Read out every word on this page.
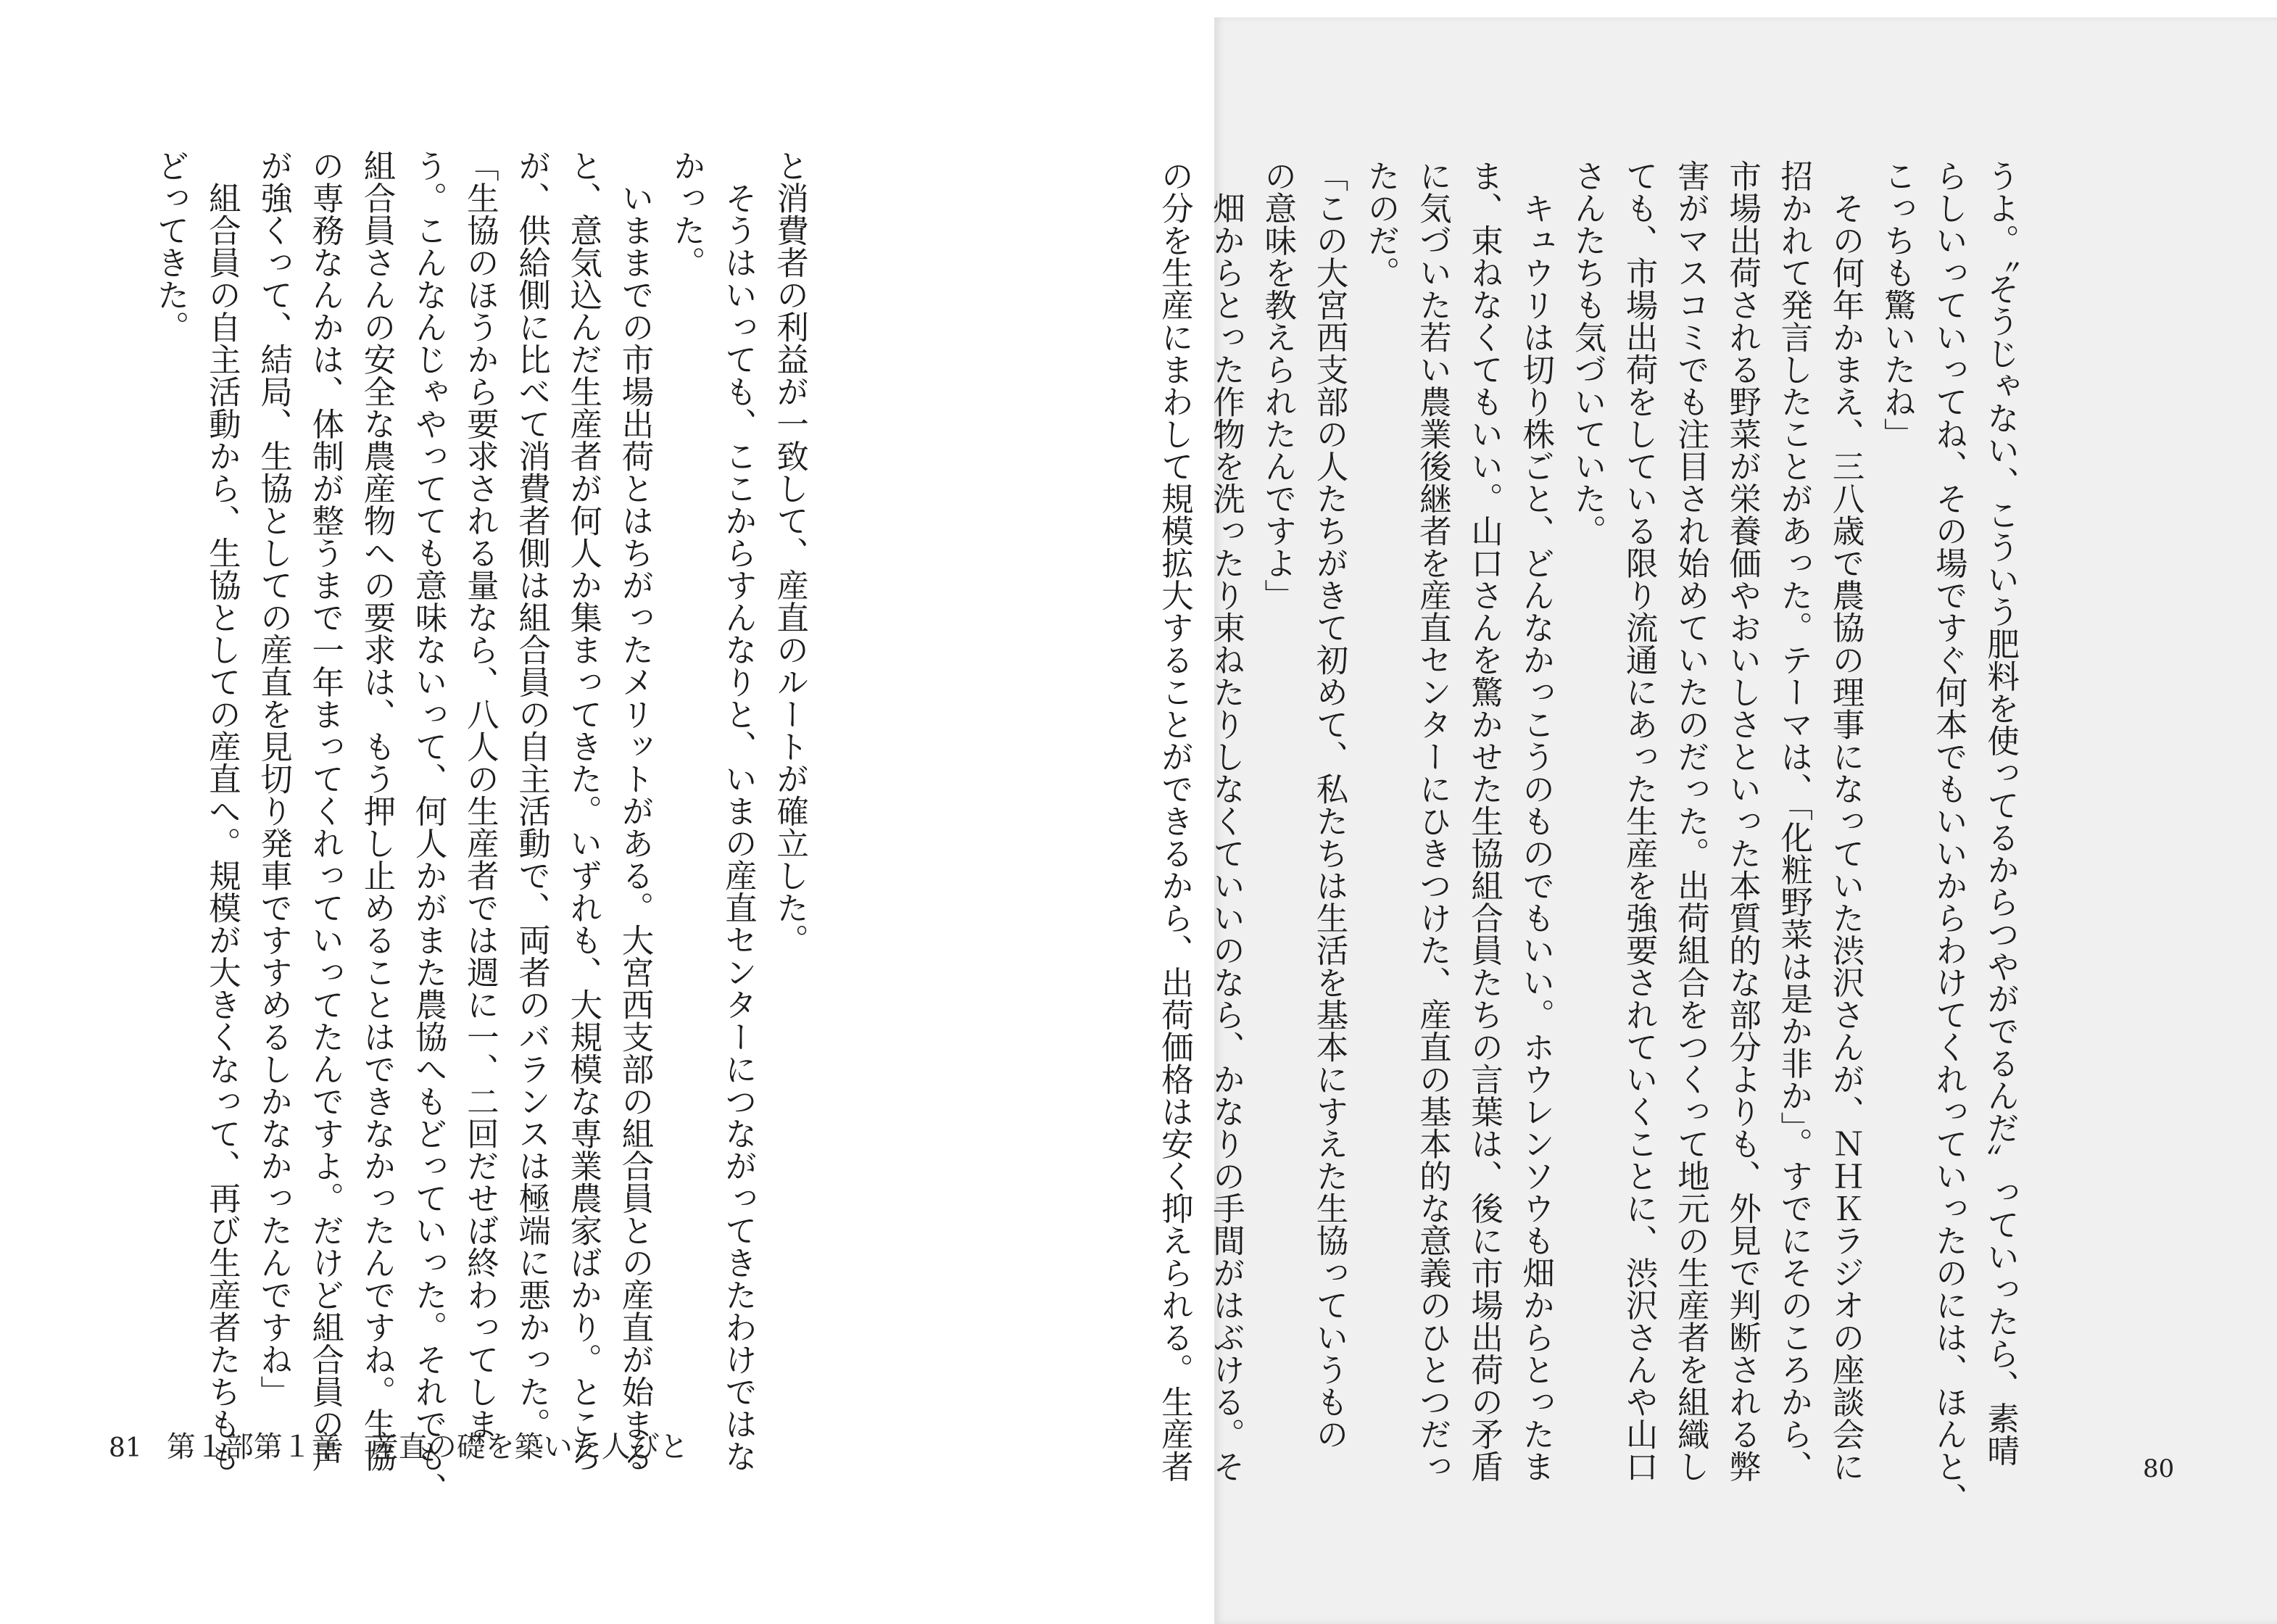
と消費者の利益が一致して、産直のルートが確立した。
　そうはいっても、ここからすんなりと、いまの産直センターにつながってきたわけではな
かった。
　いままでの市場出荷とはちがったメリットがある。大宮西支部の組合員との産直が始まる
と、意気込んだ生産者が何人か集まってきた。いずれも、大規模な専業農家ばかり。ところ
が、供給側に比べて消費者側は組合員の自主活動で、両者のバランスは極端に悪かった。
「生協のほうから要求される量なら、八人の生産者では週に一、二回だせば終わってしま
う。こんなんじゃやってても意味ないって、何人かがまた農協へもどっていった。それでも、
組合員さんの安全な農産物への要求は、もう押し止めることはできなかったんですね。生協
の専務なんかは、体制が整うまで一年まってくれっていってたんですよ。だけど組合員の声
が強くって、結局、生協としての産直を見切り発車ですすめるしかなかったんですね」
　組合員の自主活動から、生協としての産直へ。規模が大きくなって、再び生産者たちもも
どってきた。

81 第１部第１章　産直の礎を築いた人びと

	うよ。〝そうじゃない、こういう肥料を使ってるからつやがでるんだ〟っていったら、素晴
らしいっていってね、その場ですぐ何本でもいいからわけてくれっていったのには、ほんと、
こっちも驚いたね」
　その何年かまえ、三八歳で農協の理事になっていた渋沢さんが、ＮＨＫラジオの座談会に
招かれて発言したことがあった。テーマは、「化粧野菜は是か非か」。すでにそのころから、
市場出荷される野菜が栄養価やおいしさといった本質的な部分よりも、外見で判断される弊
害がマスコミでも注目され始めていたのだった。出荷組合をつくって地元の生産者を組織し
ても、市場出荷をしている限り流通にあった生産を強要されていくことに、渋沢さんや山口
さんたちも気づいていた。
　キュウリは切り株ごと、どんなかっこうのものでもいい。ホウレンソウも畑からとったま
ま、束ねなくてもいい。山口さんを驚かせた生協組合員たちの言葉は、後に市場出荷の矛盾
に気づいた若い農業後継者を産直センターにひきつけた、産直の基本的な意義のひとつだっ
たのだ。
「この大宮西支部の人たちがきて初めて、私たちは生活を基本にすえた生協っていうもの
の意味を教えられたんですよ」
　畑からとった作物を洗ったり束ねたりしなくていいのなら、かなりの手間がはぶける。そ
の分を生産にまわして規模拡大することができるから、出荷価格は安く抑えられる。生産者

	80
